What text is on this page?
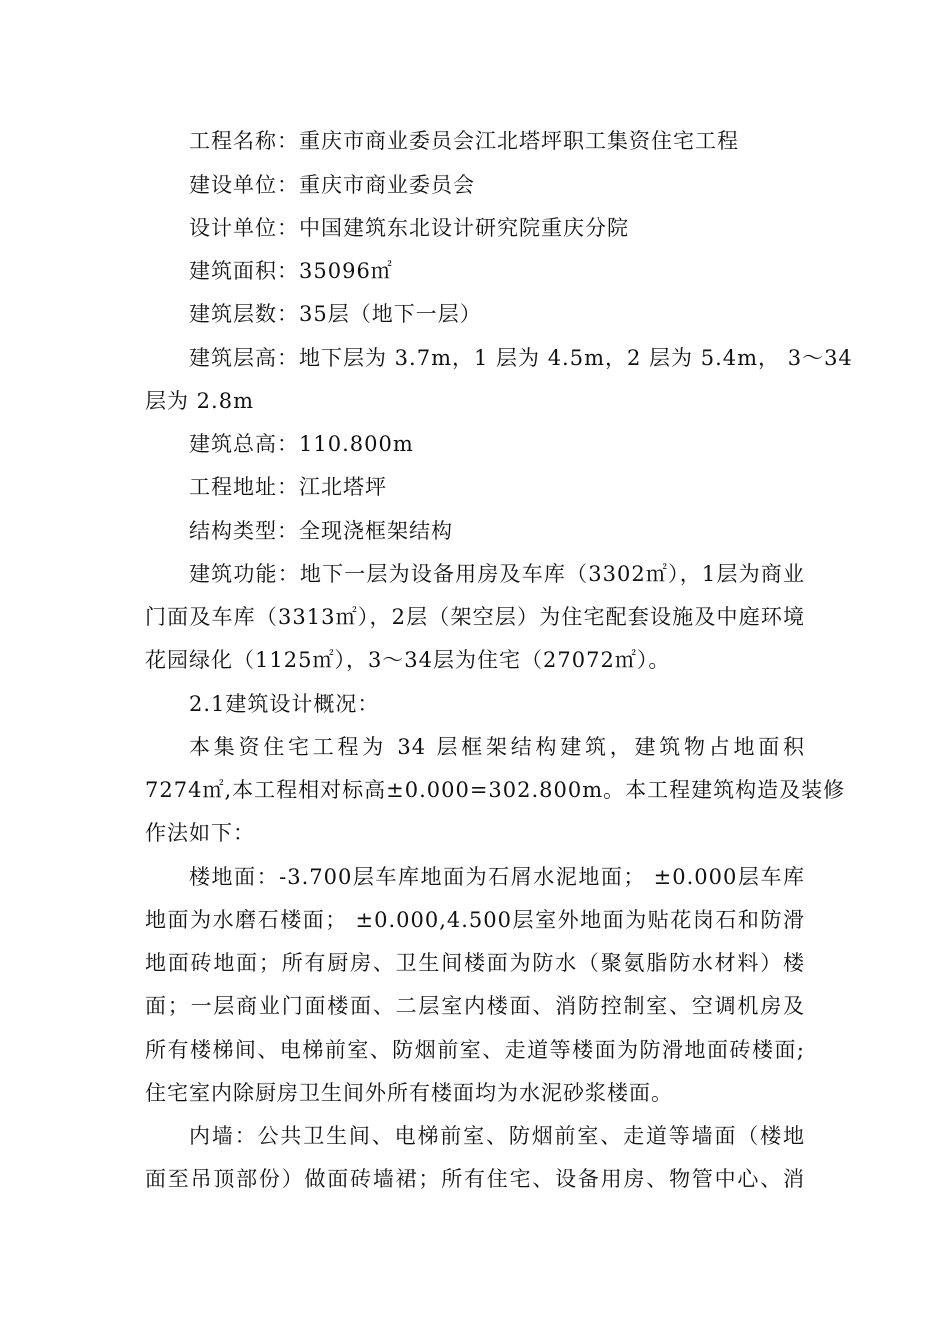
工程名称：重庆市商业委员会江北塔坪职工集资住宅工程
建设单位：重庆市商业委员会
设计单位：中国建筑东北设计研究院重庆分院
建筑面积：35096㎡
建筑层数：35层（地下一层）
建筑层高：地下层为 3.7m，1 层为 4.5m，2 层为 5.4m， 3～34
层为 2.8m
建筑总高：110.800m
工程地址：江北塔坪
结构类型：全现浇框架结构
建筑功能：地下一层为设备用房及车库（3302㎡），1层为商业
门面及车库（3313㎡），2层（架空层）为住宅配套设施及中庭环境
花园绿化（1125㎡），3～34层为住宅（27072㎡）。
2.1建筑设计概况：
本集资住宅工程为 34 层框架结构建筑，建筑物占地面积
7274㎡,本工程相对标高±0.000=302.800m。本工程建筑构造及装修
作法如下：
楼地面：-3.700层车库地面为石屑水泥地面； ±0.000层车库
地面为水磨石楼面； ±0.000,4.500层室外地面为贴花岗石和防滑
地面砖地面；所有厨房、卫生间楼面为防水（聚氨脂防水材料）楼
面；一层商业门面楼面、二层室内楼面、消防控制室、空调机房及
所有楼梯间、电梯前室、防烟前室、走道等楼面为防滑地面砖楼面;
住宅室内除厨房卫生间外所有楼面均为水泥砂浆楼面。
内墙：公共卫生间、电梯前室、防烟前室、走道等墙面（楼地
面至吊顶部份）做面砖墙裙；所有住宅、设备用房、物管中心、消
